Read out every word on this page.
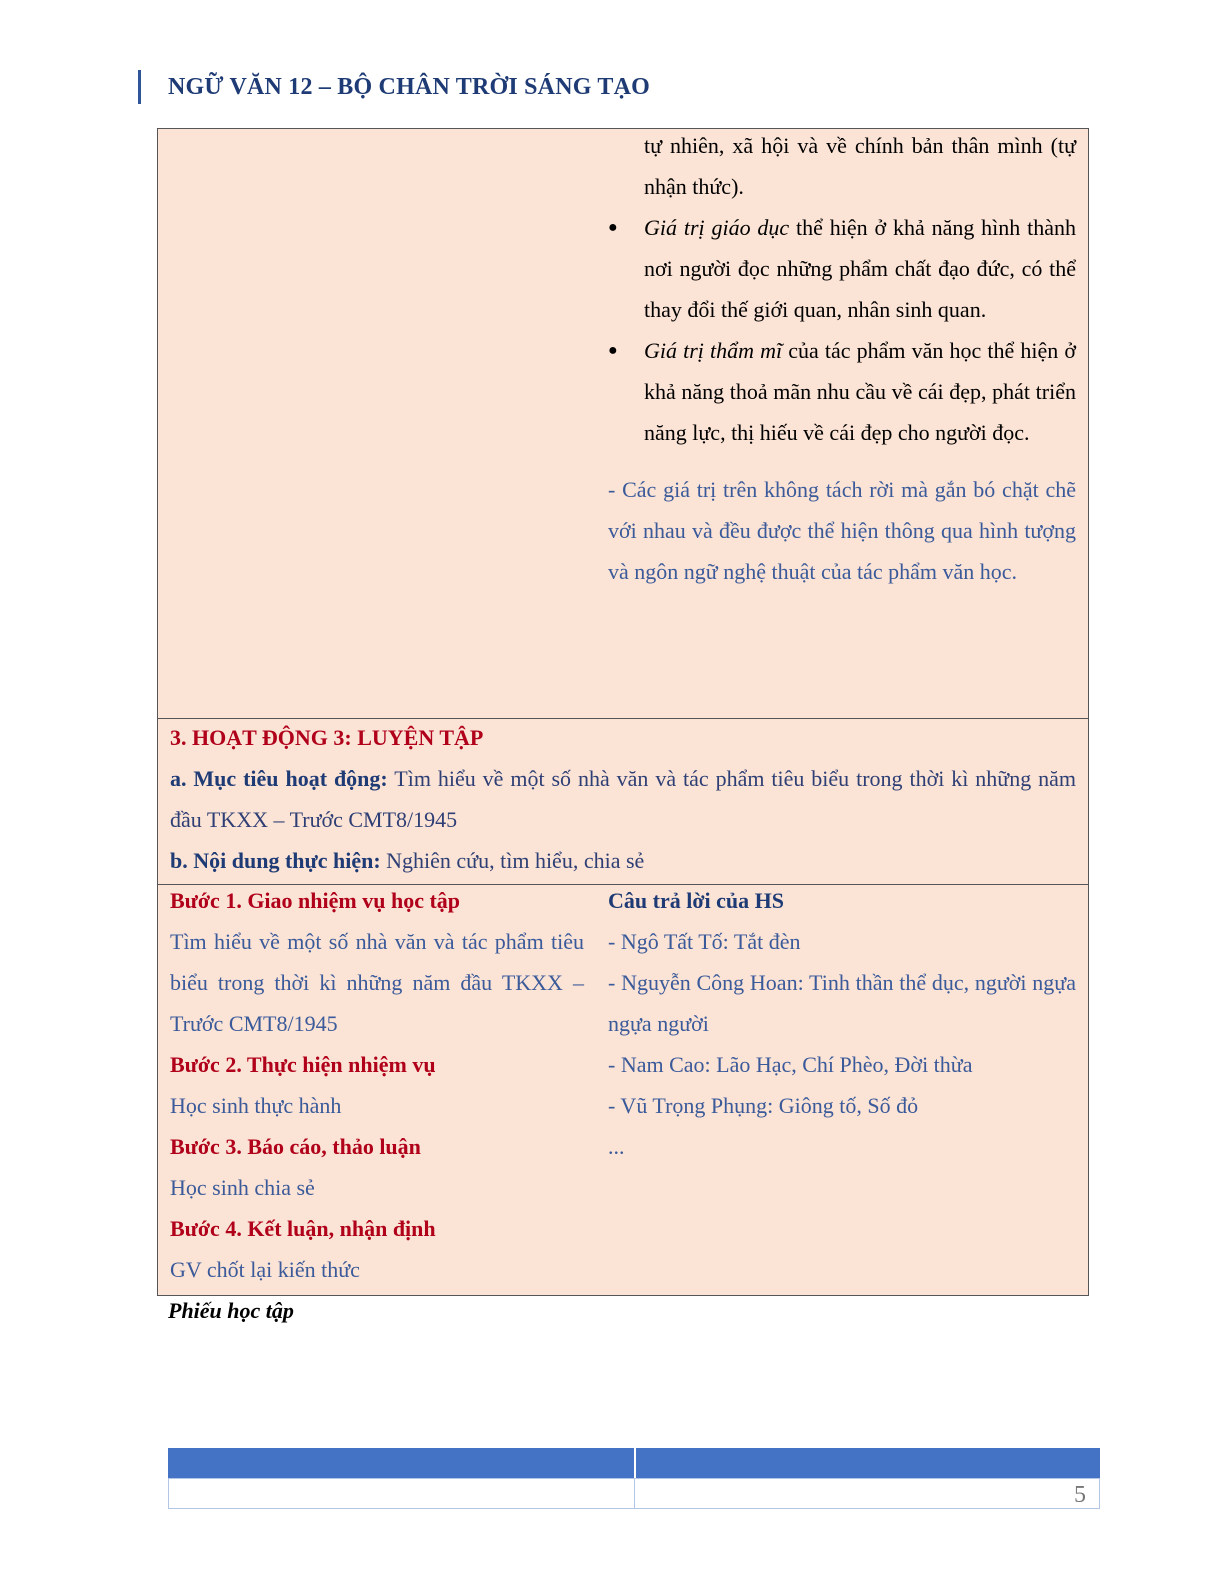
NGỮ VĂN 12 – BỘ CHÂN TRỜI SÁNG TẠO
tự nhiên, xã hội và về chính bản thân mình (tự nhận thức).
● Giá trị giáo dục thể hiện ở khả năng hình thành nơi người đọc những phẩm chất đạo đức, có thể thay đổi thế giới quan, nhân sinh quan.
● Giá trị thẩm mĩ của tác phẩm văn học thể hiện ở khả năng thoả mãn nhu cầu về cái đẹp, phát triển năng lực, thị hiếu về cái đẹp cho người đọc.
- Các giá trị trên không tách rời mà gắn bó chặt chẽ với nhau và đều được thể hiện thông qua hình tượng và ngôn ngữ nghệ thuật của tác phẩm văn học.
3. HOẠT ĐỘNG 3: LUYỆN TẬP
a. Mục tiêu hoạt động: Tìm hiểu về một số nhà văn và tác phẩm tiêu biểu trong thời kì những năm đầu TKXX – Trước CMT8/1945
b. Nội dung thực hiện: Nghiên cứu, tìm hiểu, chia sẻ
Bước 1. Giao nhiệm vụ học tập
Tìm hiểu về một số nhà văn và tác phẩm tiêu biểu trong thời kì những năm đầu TKXX – Trước CMT8/1945
Bước 2. Thực hiện nhiệm vụ
Học sinh thực hành
Bước 3. Báo cáo, thảo luận
Học sinh chia sẻ
Bước 4. Kết luận, nhận định
GV chốt lại kiến thức
Câu trả lời của HS
- Ngô Tất Tố: Tắt đèn
- Nguyễn Công Hoan: Tinh thần thể dục, người ngựa ngựa người
- Nam Cao: Lão Hạc, Chí Phèo, Đời thừa
- Vũ Trọng Phụng: Giông tố, Số đỏ
...
Phiếu học tập
5
